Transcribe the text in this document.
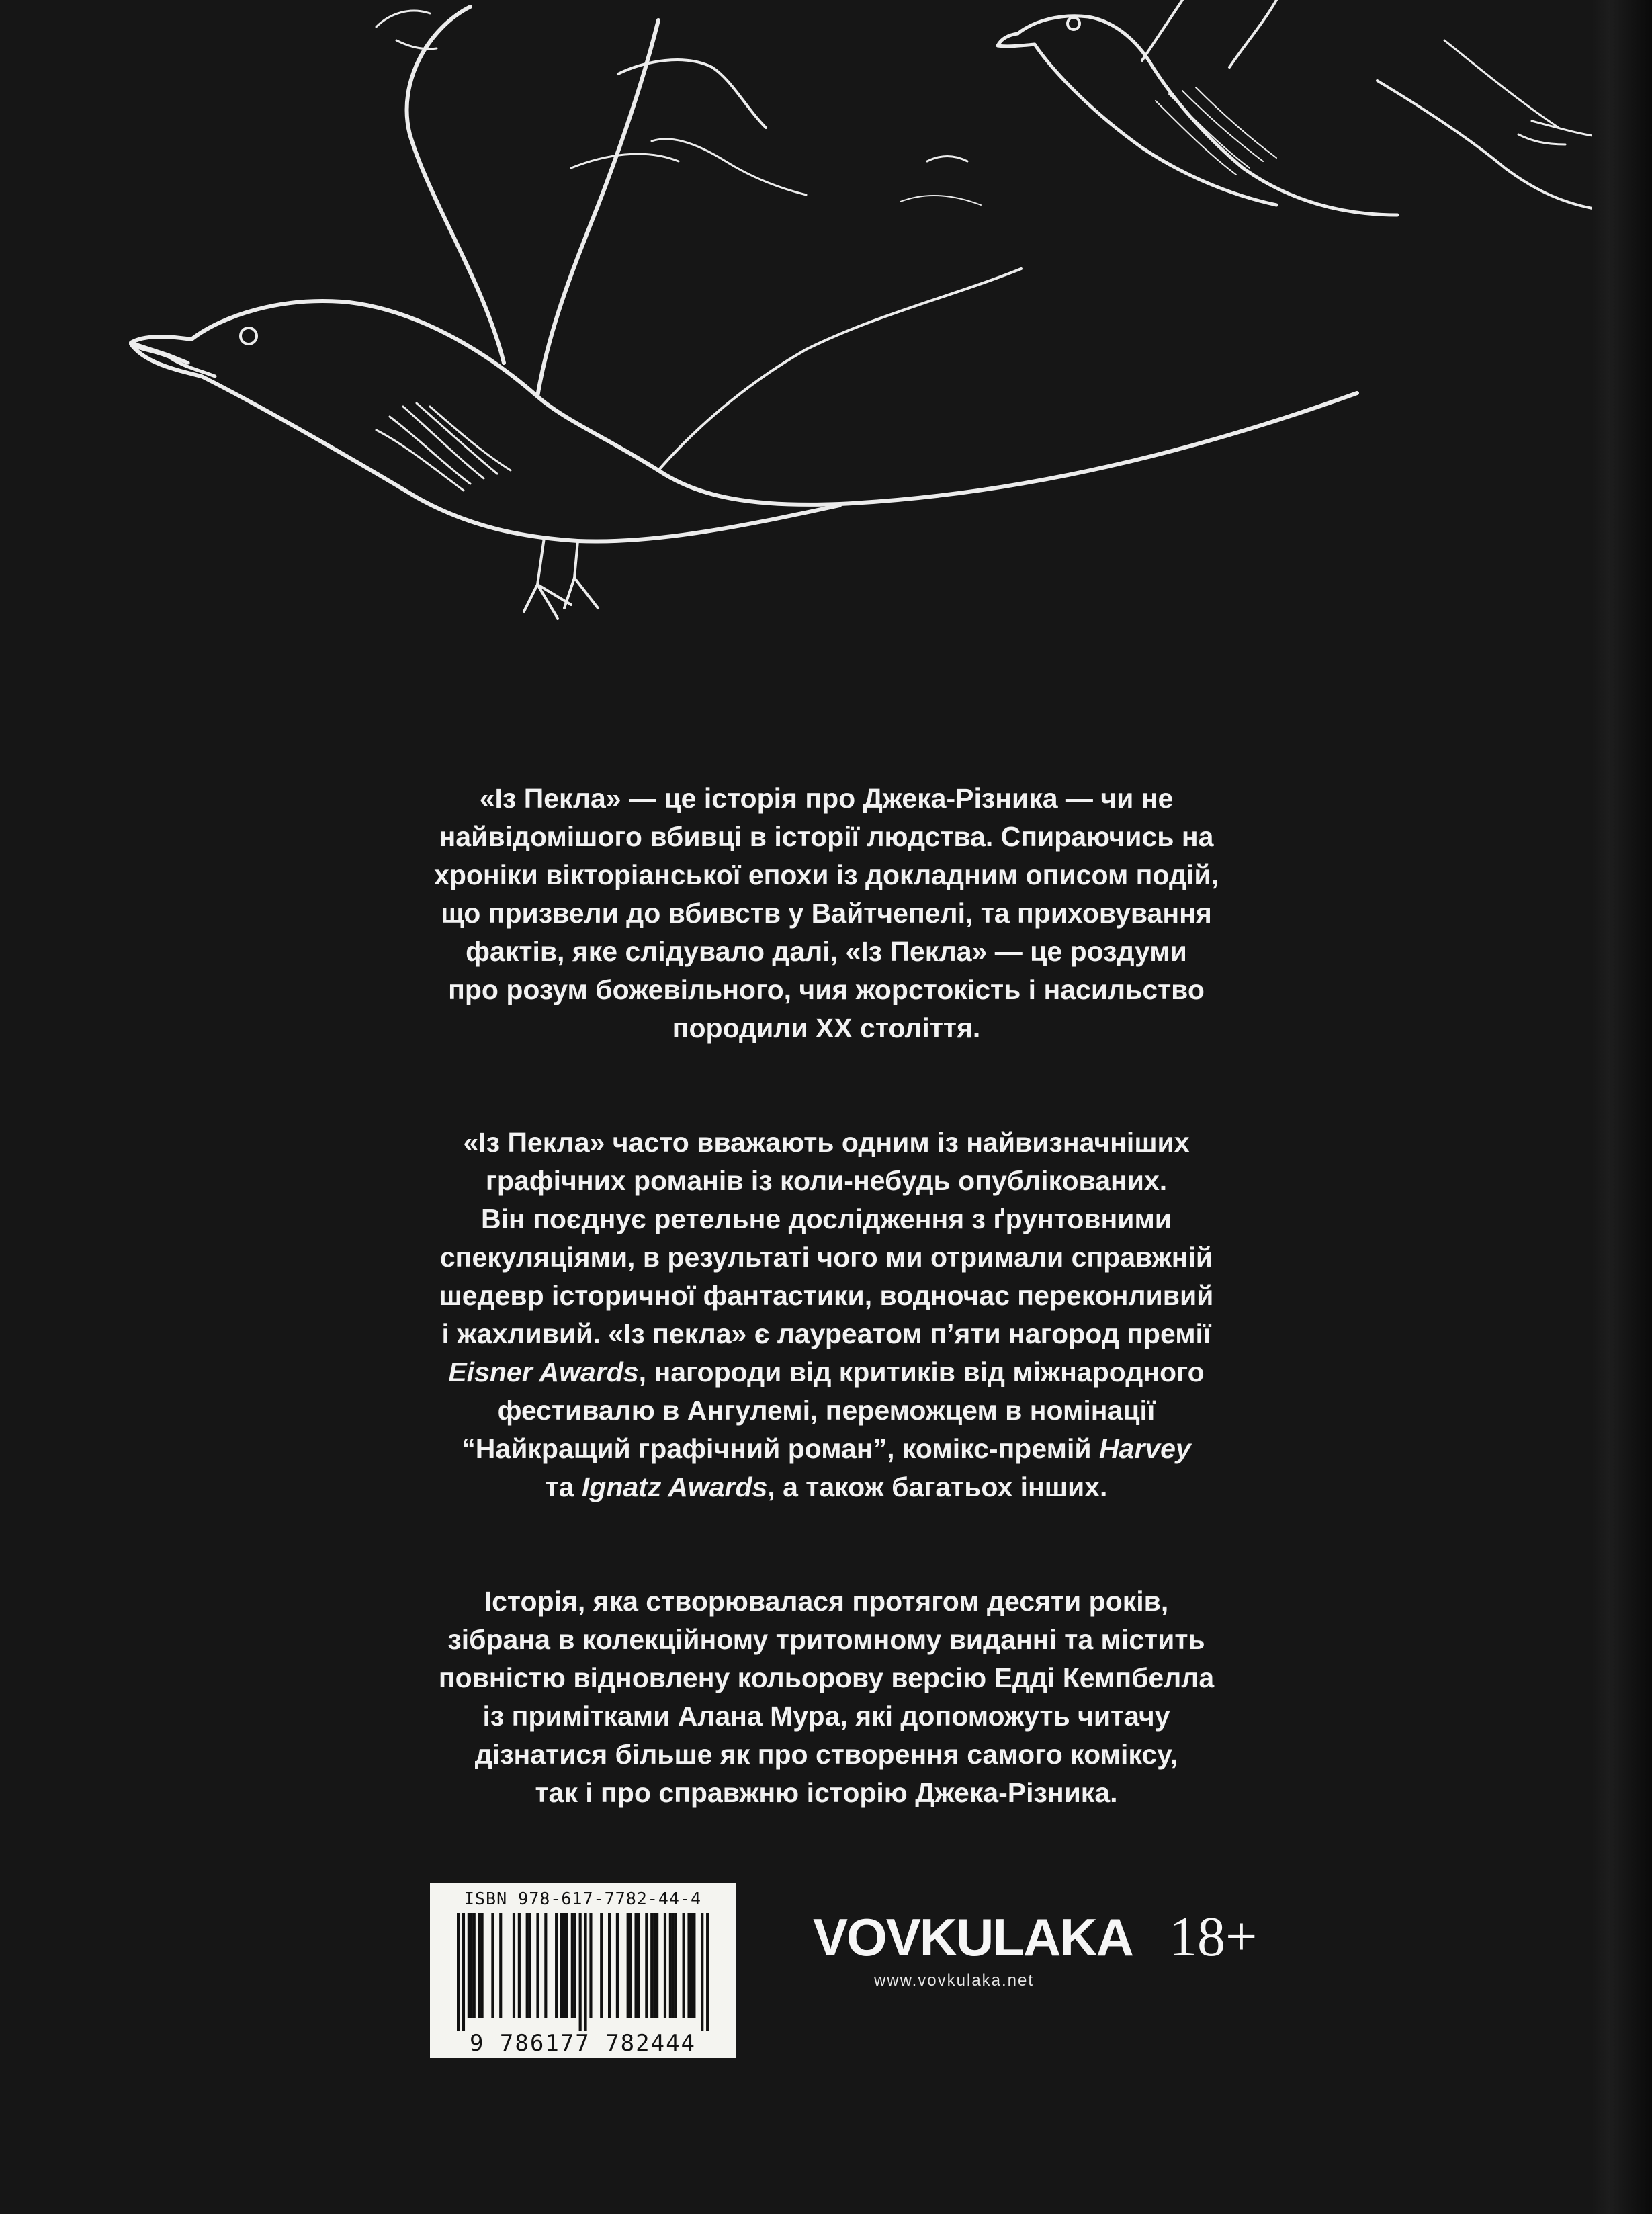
«Із Пекла» — це історія про Джека-Різника — чи не
найвідомішого вбивці в історії людства. Спираючись на
хроніки вікторіанської епохи із докладним описом подій,
що призвели до вбивств у Вайтчепелі, та приховування
фактів, яке слідувало далі, «Із Пекла» — це роздуми
про розум божевільного, чия жорстокість і насильство
породили XX століття.

«Із Пекла» часто вважають одним із найвизначніших
графічних романів із коли-небудь опублікованих.
Він поєднує ретельне дослідження з ґрунтовними
спекуляціями, в результаті чого ми отримали справжній
шедевр історичної фантастики, водночас переконливий
і жахливий. «Із пекла» є лауреатом п’яти нагород премії
Eisner Awards, нагороди від критиків від міжнародного
фестивалю в Ангулемі, переможцем в номінації
“Найкращий графічний роман”, комікс-премій Harvey
та Ignatz Awards, а також багатьох інших.

Історія, яка створювалася протягом десяти років,
зібрана в колекційному тритомному виданні та містить
повністю відновлену кольорову версію Едді Кемпбелла
із примітками Алана Мура, які допоможуть читачу
дізнатися більше як про створення самого коміксу,
так і про справжню історію Джека-Різника.

ISBN 978-617-7782-44-4
9 786177 782444
VOVKULAKA
www.vovkulaka.net
18+
